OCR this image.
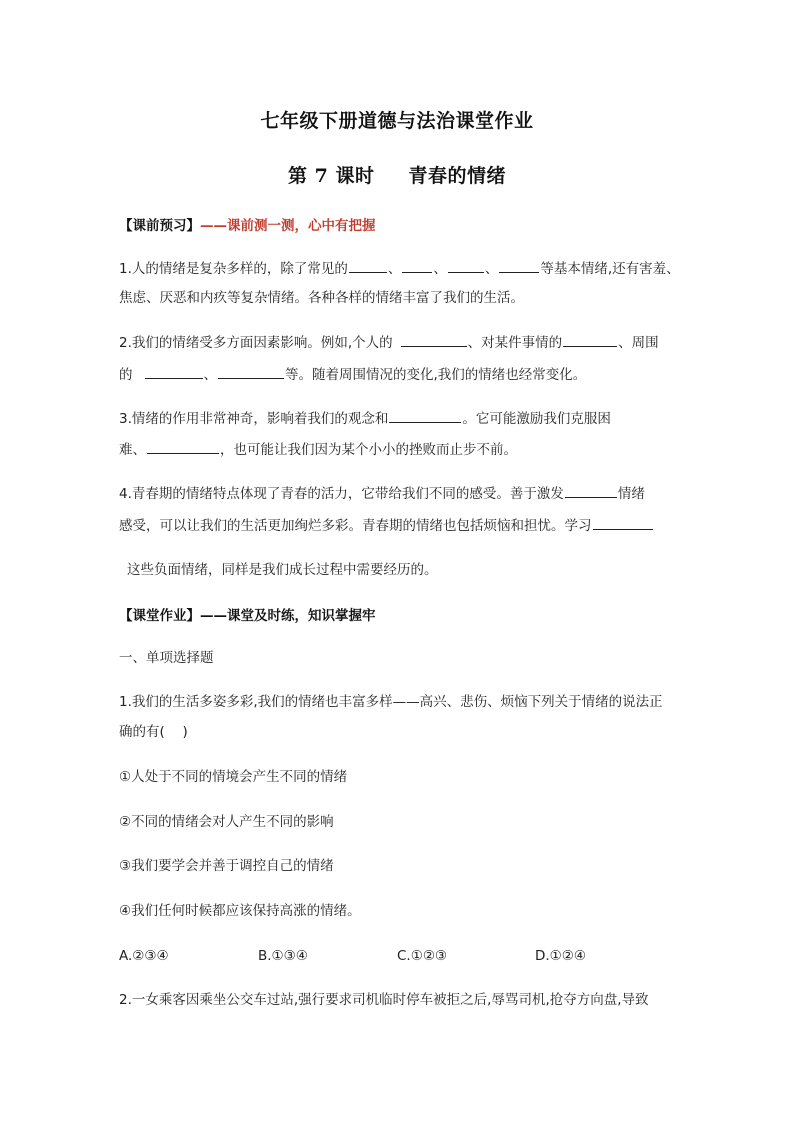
七年级下册道德与法治课堂作业
第 7 课时 青春的情绪
【课前预习】——课前测一测，心中有把握
1.人的情绪是复杂多样的，除了常见的	、 、	、	等基本情绪,还有害羞、
焦虑、厌恶和内疚等复杂情绪。各种各样的情绪丰富了我们的生活。
2.我们的情绪受多方面因素影响。例如,个人的	、对某件事情的	、周围
的	、	等。随着周围情况的变化,我们的情绪也经常变化。
3.情绪的作用非常神奇，影响着我们的观念和	。它可能激励我们克服困
难、	，也可能让我们因为某个小小的挫败而止步不前。
4.青春期的情绪特点体现了青春的活力，它带给我们不同的感受。善于激发	情绪
感受，可以让我们的生活更加绚烂多彩。青春期的情绪也包括烦恼和担忧。学习
这些负面情绪，同样是我们成长过程中需要经历的。
【课堂作业】——课堂及时练，知识掌握牢
一、单项选择题
1.我们的生活多姿多彩,我们的情绪也丰富多样——高兴、悲伤、烦恼下列关于情绪的说法正
确的有(　 )
①人处于不同的情境会产生不同的情绪
②不同的情绪会对人产生不同的影响
③我们要学会并善于调控自己的情绪
④我们任何时候都应该保持高涨的情绪。
A.②③④	B.①③④	C.①②③	D.①②④
2.一女乘客因乘坐公交车过站,强行要求司机临时停车被拒之后,辱骂司机,抢夺方向盘,导致
